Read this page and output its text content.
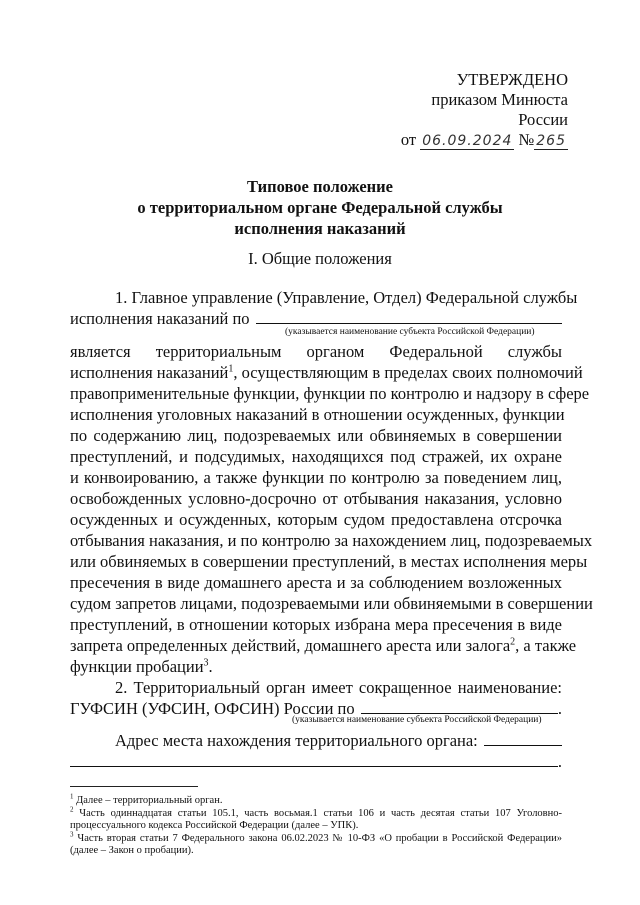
УТВЕРЖДЕНО
приказом Минюста России
от 06.09.2024 № 265
Типовое положение
о территориальном органе Федеральной службы
исполнения наказаний
I. Общие положения
1. Главное управление (Управление, Отдел) Федеральной службы
исполнения наказаний по
(указывается наименование субъекта Российской Федерации)
является территориальным органом Федеральной службы
исполнения наказаний$^1$, осуществляющим в пределах своих полномочий
правоприменительные функции, функции по контролю и надзору в сфере
исполнения уголовных наказаний в отношении осужденных, функции
по содержанию лиц, подозреваемых или обвиняемых в совершении
преступлений, и подсудимых, находящихся под стражей, их охране
и конвоированию, а также функции по контролю за поведением лиц,
освобожденных условно-досрочно от отбывания наказания, условно
осужденных и осужденных, которым судом предоставлена отсрочка
отбывания наказания, и по контролю за нахождением лиц, подозреваемых
или обвиняемых в совершении преступлений, в местах исполнения меры
пресечения в виде домашнего ареста и за соблюдением возложенных
судом запретов лицами, подозреваемыми или обвиняемыми в совершении
преступлений, в отношении которых избрана мера пресечения в виде
запрета определенных действий, домашнего ареста или залога$^2$, а также
функции пробации$^3$.
2. Территориальный орган имеет сокращенное наименование:
ГУФСИН (УФСИН, ОФСИН) России по	.
(указывается наименование субъекта Российской Федерации)
Адрес места нахождения территориального органа:
.
$^1$ Далее – территориальный орган.
$^2$ Часть одиннадцатая статьи 105.1, часть восьмая.1 статьи 106 и часть десятая статьи 107 Уголовно-процессуального кодекса Российской Федерации (далее – УПК).
$^3$ Часть вторая статьи 7 Федерального закона 06.02.2023 № 10-ФЗ «О пробации в Российской Федерации» (далее – Закон о пробации).
